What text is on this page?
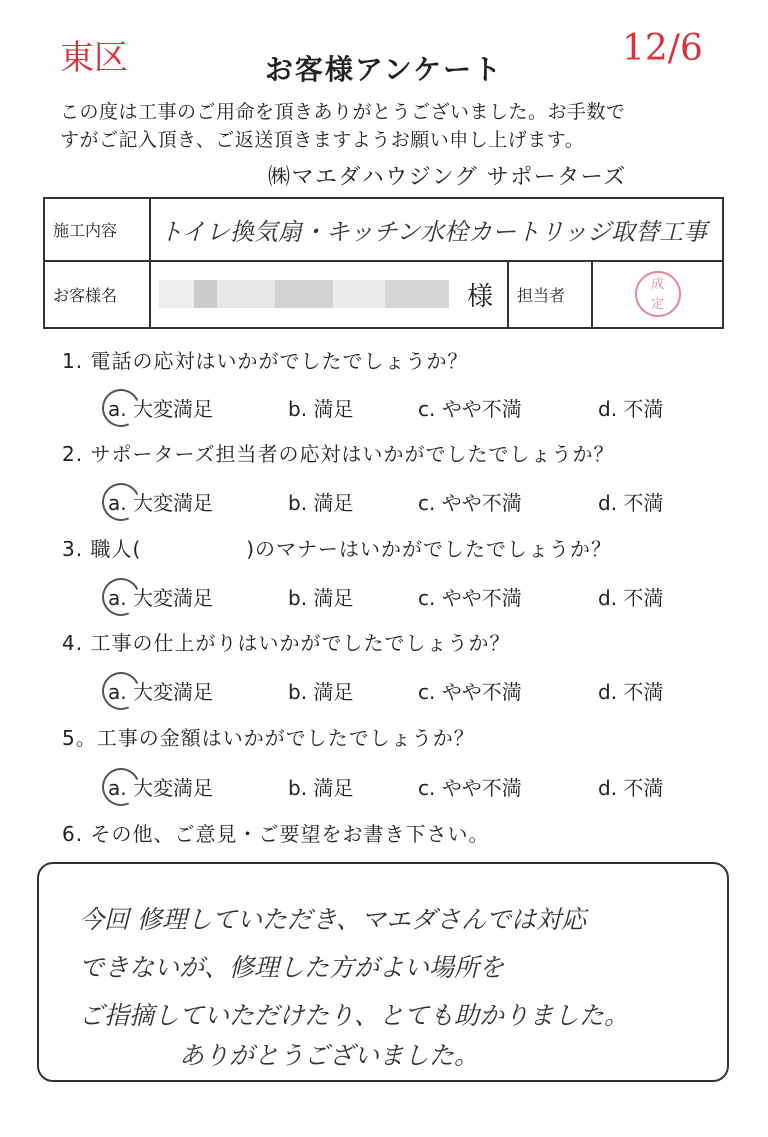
東区	お客様アンケート
12/6
この度は工事のご用命を頂きありがとうございました。お手数で
すがご記入頂き、ご返送頂きますようお願い申し上げます。
㈱マエダハウジング サポーターズ
施工内容	トイレ換気扇・キッチン水栓カートリッジ取替工事		
お客様名	様	担当者	成
定
1. 電話の応対はいかがでしたでしょうか？
a. 大変満足	b. 満足	c. やや不満	d. 不満
2. サポーターズ担当者の応対はいかがでしたでしょうか？
a. 大変満足	b. 満足	c. やや不満	d. 不満
3. 職人(　　　　　)のマナーはいかがでしたでしょうか？
a. 大変満足	b. 満足	c. やや不満	d. 不満
4. 工事の仕上がりはいかがでしたでしょうか？
a. 大変満足	b. 満足	c. やや不満	d. 不満
5。工事の金額はいかがでしたでしょうか？
a. 大変満足	b. 満足	c. やや不満	d. 不満
6. その他、ご意見・ご要望をお書き下さい。
今回 修理していただき、マエダさんでは対応
できないが、修理した方がよい場所を
ご指摘していただけたり、とても助かりました。
ありがとうございました。
